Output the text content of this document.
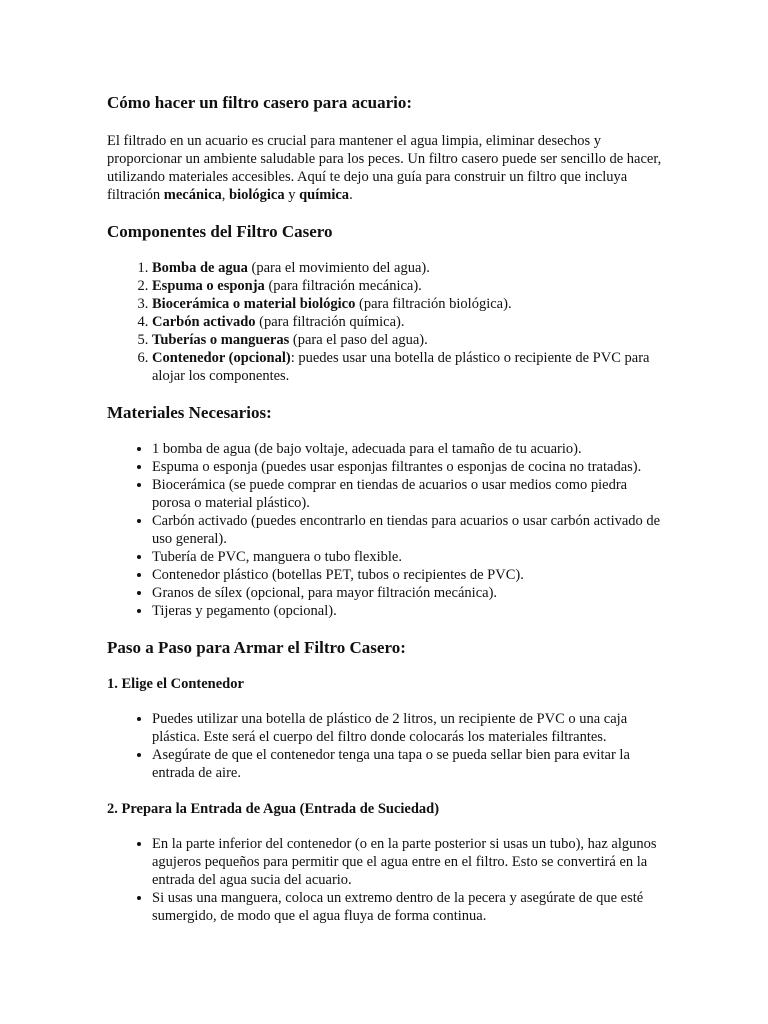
Cómo hacer un filtro casero para acuario:

El filtrado en un acuario es crucial para mantener el agua limpia, eliminar desechos y proporcionar un ambiente saludable para los peces. Un filtro casero puede ser sencillo de hacer, utilizando materiales accesibles. Aquí te dejo una guía para construir un filtro que incluya filtración mecánica, biológica y química.

Componentes del Filtro Casero
1. Bomba de agua (para el movimiento del agua).
2. Espuma o esponja (para filtración mecánica).
3. Biocerámica o material biológico (para filtración biológica).
4. Carbón activado (para filtración química).
5. Tuberías o mangueras (para el paso del agua).
6. Contenedor (opcional): puedes usar una botella de plástico o recipiente de PVC para alojar los componentes.
Materiales Necesarios:
• 1 bomba de agua (de bajo voltaje, adecuada para el tamaño de tu acuario).
• Espuma o esponja (puedes usar esponjas filtrantes o esponjas de cocina no tratadas).
• Biocerámica (se puede comprar en tiendas de acuarios o usar medios como piedra porosa o material plástico).
• Carbón activado (puedes encontrarlo en tiendas para acuarios o usar carbón activado de uso general).
• Tubería de PVC, manguera o tubo flexible.
• Contenedor plástico (botellas PET, tubos o recipientes de PVC).
• Granos de sílex (opcional, para mayor filtración mecánica).
• Tijeras y pegamento (opcional).
Paso a Paso para Armar el Filtro Casero:
1. Elige el Contenedor
• Puedes utilizar una botella de plástico de 2 litros, un recipiente de PVC o una caja plástica. Este será el cuerpo del filtro donde colocarás los materiales filtrantes.
• Asegúrate de que el contenedor tenga una tapa o se pueda sellar bien para evitar la entrada de aire.
2. Prepara la Entrada de Agua (Entrada de Suciedad)
• En la parte inferior del contenedor (o en la parte posterior si usas un tubo), haz algunos agujeros pequeños para permitir que el agua entre en el filtro. Esto se convertirá en la entrada del agua sucia del acuario.
• Si usas una manguera, coloca un extremo dentro de la pecera y asegúrate de que esté sumergido, de modo que el agua fluya de forma continua.
